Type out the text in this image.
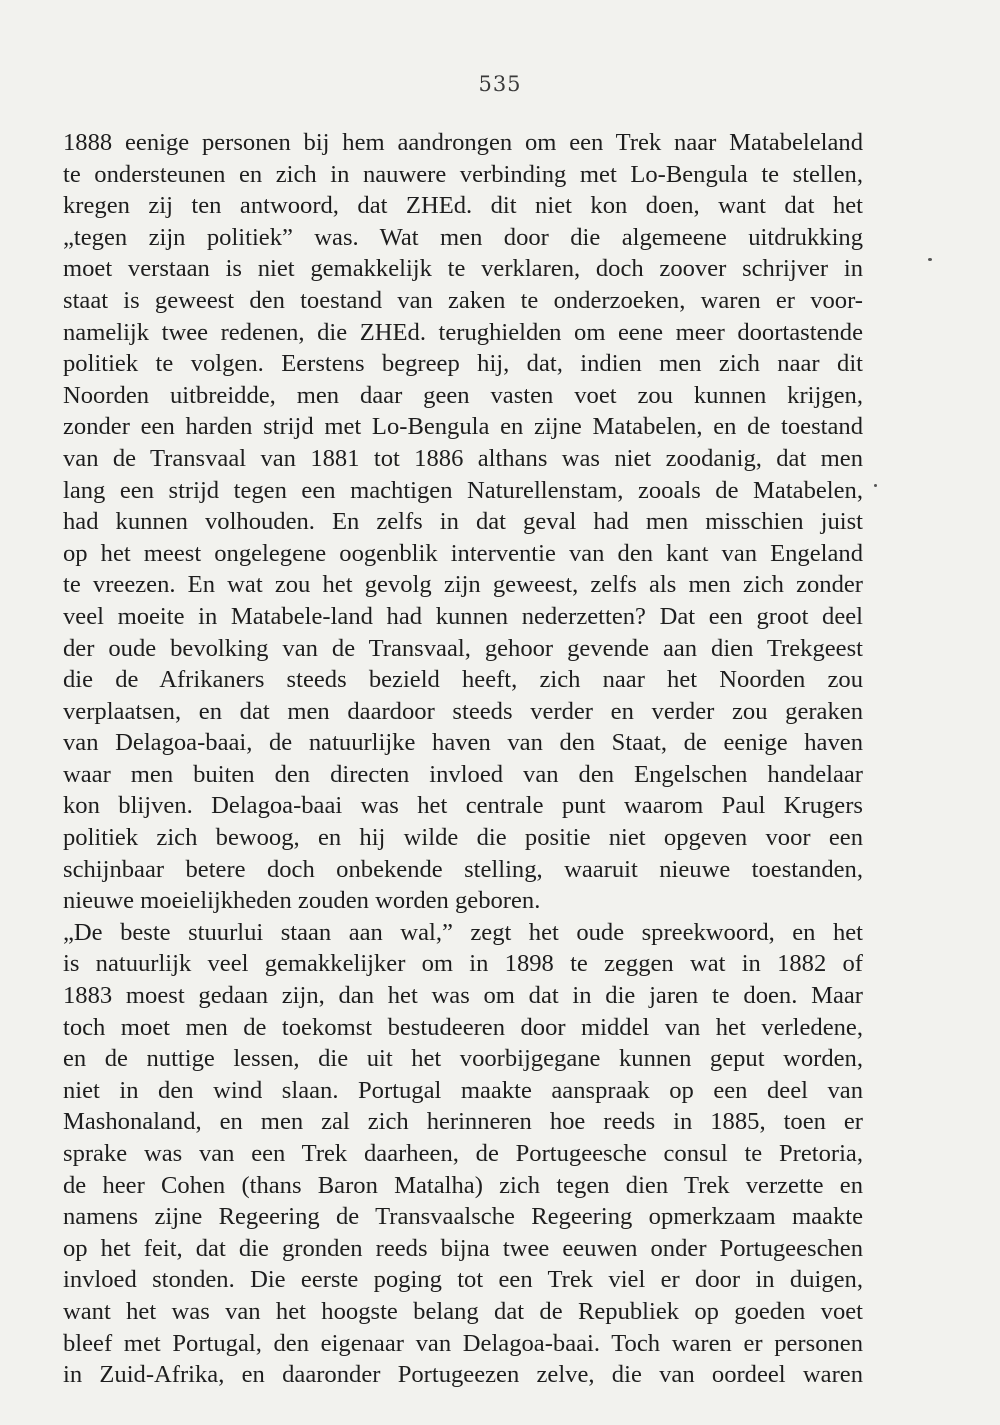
535
1888 eenige personen bij hem aandrongen om een Trek naar Matabeleland
te ondersteunen en zich in nauwere verbinding met Lo-Bengula te stellen,
kregen zij ten antwoord, dat ZHEd. dit niet kon doen, want dat het
„tegen zijn politiek” was. Wat men door die algemeene uitdrukking
moet verstaan is niet gemakkelijk te verklaren, doch zoover schrijver in
staat is geweest den toestand van zaken te onderzoeken, waren er voor-
namelijk twee redenen, die ZHEd. terughielden om eene meer doortastende
politiek te volgen. Eerstens begreep hij, dat, indien men zich naar dit
Noorden uitbreidde, men daar geen vasten voet zou kunnen krijgen,
zonder een harden strijd met Lo-Bengula en zijne Matabelen, en de toestand
van de Transvaal van 1881 tot 1886 althans was niet zoodanig, dat men
lang een strijd tegen een machtigen Naturellenstam, zooals de Matabelen,
had kunnen volhouden. En zelfs in dat geval had men misschien juist
op het meest ongelegene oogenblik interventie van den kant van Engeland
te vreezen. En wat zou het gevolg zijn geweest, zelfs als men zich zonder
veel moeite in Matabele-land had kunnen nederzetten? Dat een groot deel
der oude bevolking van de Transvaal, gehoor gevende aan dien Trekgeest
die de Afrikaners steeds bezield heeft, zich naar het Noorden zou
verplaatsen, en dat men daardoor steeds verder en verder zou geraken
van Delagoa-baai, de natuurlijke haven van den Staat, de eenige haven
waar men buiten den directen invloed van den Engelschen handelaar
kon blijven. Delagoa-baai was het centrale punt waarom Paul Krugers
politiek zich bewoog, en hij wilde die positie niet opgeven voor een
schijnbaar betere doch onbekende stelling, waaruit nieuwe toestanden,
nieuwe moeielijkheden zouden worden geboren.
„De beste stuurlui staan aan wal,” zegt het oude spreekwoord, en het
is natuurlijk veel gemakkelijker om in 1898 te zeggen wat in 1882 of
1883 moest gedaan zijn, dan het was om dat in die jaren te doen. Maar
toch moet men de toekomst bestudeeren door middel van het verledene,
en de nuttige lessen, die uit het voorbijgegane kunnen geput worden,
niet in den wind slaan. Portugal maakte aanspraak op een deel van
Mashonaland, en men zal zich herinneren hoe reeds in 1885, toen er
sprake was van een Trek daarheen, de Portugeesche consul te Pretoria,
de heer Cohen (thans Baron Matalha) zich tegen dien Trek verzette en
namens zijne Regeering de Transvaalsche Regeering opmerkzaam maakte
op het feit, dat die gronden reeds bijna twee eeuwen onder Portugeeschen
invloed stonden. Die eerste poging tot een Trek viel er door in duigen,
want het was van het hoogste belang dat de Republiek op goeden voet
bleef met Portugal, den eigenaar van Delagoa-baai. Toch waren er personen
in Zuid-Afrika, en daaronder Portugeezen zelve, die van oordeel waren
